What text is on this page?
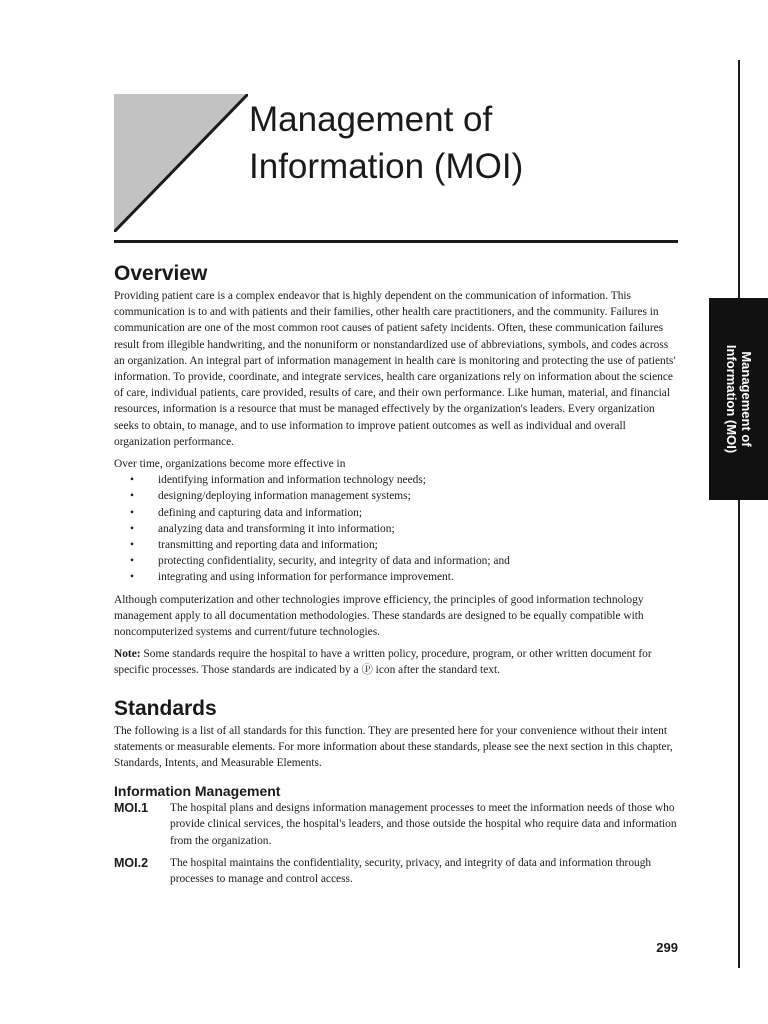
Management of
Information (MOI)
Management of
Information (MOI)
Overview

Providing patient care is a complex endeavor that is highly dependent on the communication of information. This communication is to and with patients and their families, other health care practitioners, and the community. Failures in communication are one of the most common root causes of patient safety incidents. Often, these communication failures result from illegible handwriting, and the nonuniform or nonstandardized use of abbreviations, symbols, and codes across an organization. An integral part of information management in health care is monitoring and protecting the use of patients' information. To provide, coordinate, and integrate services, health care organizations rely on information about the science of care, individual patients, care provided, results of care, and their own performance. Like human, material, and financial resources, information is a resource that must be managed effectively by the organization's leaders. Every organization seeks to obtain, to manage, and to use information to improve patient outcomes as well as individual and overall organization performance.

Over time, organizations become more effective in

• identifying information and information technology needs;
• designing/deploying information management systems;
• defining and capturing data and information;
• analyzing data and transforming it into information;
• transmitting and reporting data and information;
• protecting confidentiality, security, and integrity of data and information; and
• integrating and using information for performance improvement.

Although computerization and other technologies improve efficiency, the principles of good information technology management apply to all documentation methodologies. These standards are designed to be equally compatible with noncomputerized systems and current/future technologies.

Note: Some standards require the hospital to have a written policy, procedure, program, or other written document for specific processes. Those standards are indicated by a Ⓟ icon after the standard text.

Standards

The following is a list of all standards for this function. They are presented here for your convenience without their intent statements or measurable elements. For more information about these standards, please see the next section in this chapter, Standards, Intents, and Measurable Elements.

Information Management
MOI.1	The hospital plans and designs information management processes to meet the information needs of those who provide clinical services, the hospital's leaders, and those outside the hospital who require data and information from the organization.
MOI.2	The hospital maintains the confidentiality, security, privacy, and integrity of data and information through processes to manage and control access.
299
